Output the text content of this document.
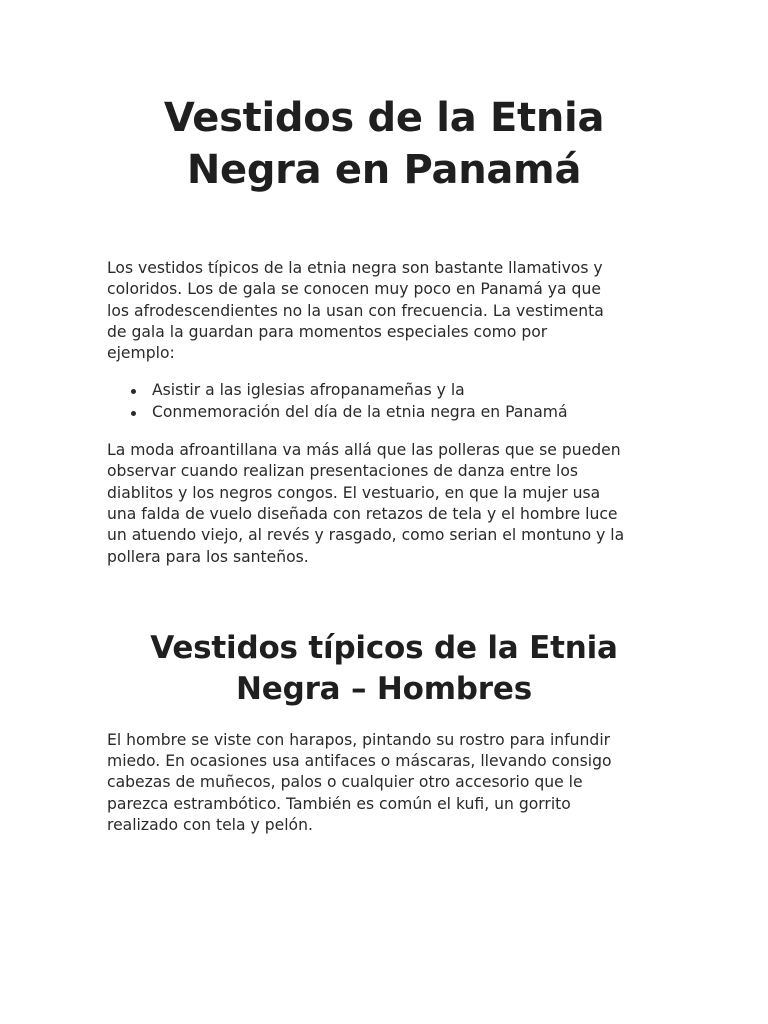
Vestidos de la Etnia
Negra en Panamá

Los vestidos típicos de la etnia negra son bastante llamativos y
coloridos. Los de gala se conocen muy poco en Panamá ya que
los afrodescendientes no la usan con frecuencia. La vestimenta
de gala la guardan para momentos especiales como por
ejemplo:

Asistir a las iglesias afropanameñas y la
Conmemoración del día de la etnia negra en Panamá

La moda afroantillana va más allá que las polleras que se pueden
observar cuando realizan presentaciones de danza entre los
diablitos y los negros congos. El vestuario, en que la mujer usa
una falda de vuelo diseñada con retazos de tela y el hombre luce
un atuendo viejo, al revés y rasgado, como serian el montuno y la
pollera para los santeños.

Vestidos típicos de la Etnia
Negra – Hombres

El hombre se viste con harapos, pintando su rostro para infundir
miedo. En ocasiones usa antifaces o máscaras, llevando consigo
cabezas de muñecos, palos o cualquier otro accesorio que le
parezca estrambótico. También es común el kufi, un gorrito
realizado con tela y pelón.
